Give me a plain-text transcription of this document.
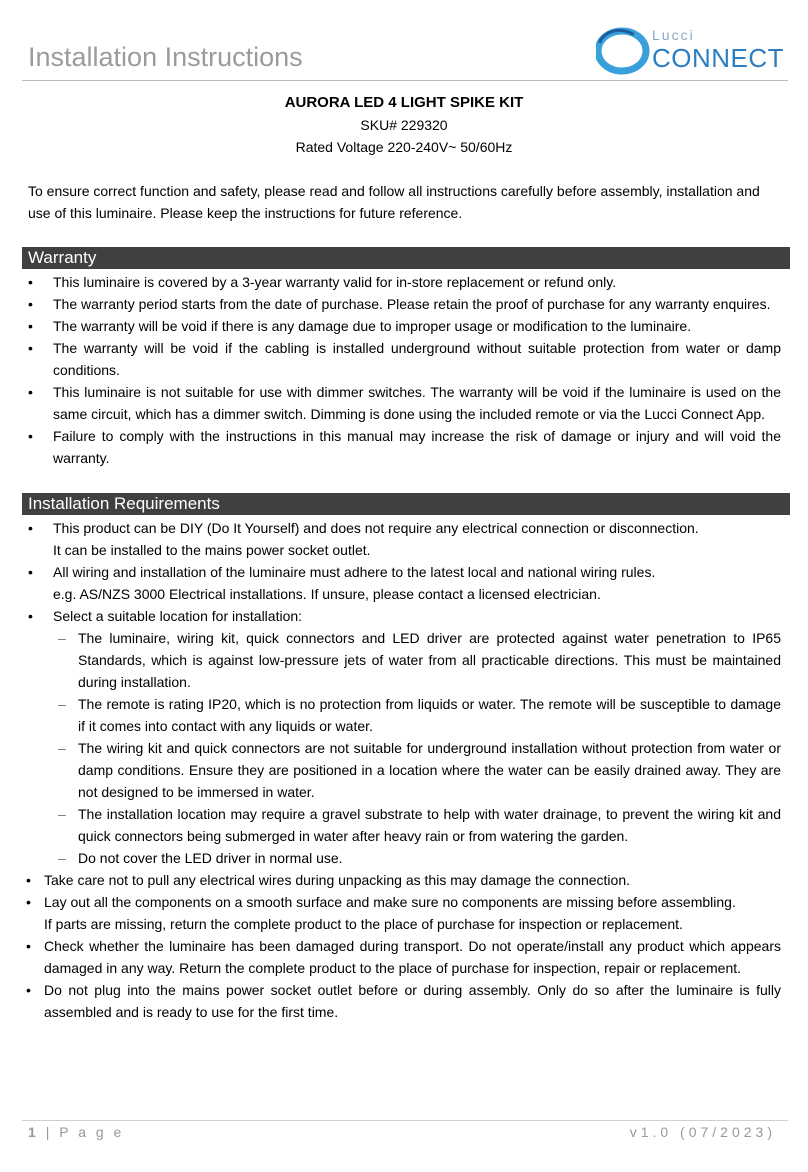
Installation Instructions
Lucci
CONNECT
AURORA LED 4 LIGHT SPIKE KIT
SKU# 229320
Rated Voltage 220-240V~ 50/60Hz
To ensure correct function and safety, please read and follow all instructions carefully before assembly, installation and use of this luminaire. Please keep the instructions for future reference.
Warranty
• This luminaire is covered by a 3-year warranty valid for in-store replacement or refund only.
• The warranty period starts from the date of purchase. Please retain the proof of purchase for any warranty enquires.
• The warranty will be void if there is any damage due to improper usage or modification to the luminaire.
• The warranty will be void if the cabling is installed underground without suitable protection from water or damp conditions.
• This luminaire is not suitable for use with dimmer switches. The warranty will be void if the luminaire is used on the same circuit, which has a dimmer switch. Dimming is done using the included remote or via the Lucci Connect App.
• Failure to comply with the instructions in this manual may increase the risk of damage or injury and will void the warranty.
Installation Requirements
• This product can be DIY (Do It Yourself) and does not require any electrical connection or disconnection.
It can be installed to the mains power socket outlet.
• All wiring and installation of the luminaire must adhere to the latest local and national wiring rules.
e.g. AS/NZS 3000 Electrical installations. If unsure, please contact a licensed electrician.
• Select a suitable location for installation:
– The luminaire, wiring kit, quick connectors and LED driver are protected against water penetration to IP65 Standards, which is against low-pressure jets of water from all practicable directions. This must be maintained during installation.
– The remote is rating IP20, which is no protection from liquids or water. The remote will be susceptible to damage if it comes into contact with any liquids or water.
– The wiring kit and quick connectors are not suitable for underground installation without protection from water or damp conditions. Ensure they are positioned in a location where the water can be easily drained away. They are not designed to be immersed in water.
– The installation location may require a gravel substrate to help with water drainage, to prevent the wiring kit and quick connectors being submerged in water after heavy rain or from watering the garden.
– Do not cover the LED driver in normal use.
• Take care not to pull any electrical wires during unpacking as this may damage the connection.
• Lay out all the components on a smooth surface and make sure no components are missing before assembling.
If parts are missing, return the complete product to the place of purchase for inspection or replacement.
• Check whether the luminaire has been damaged during transport. Do not operate/install any product which appears damaged in any way. Return the complete product to the place of purchase for inspection, repair or replacement.
• Do not plug into the mains power socket outlet before or during assembly. Only do so after the luminaire is fully assembled and is ready to use for the first time.
1 | P a g e	v1.0 (07/2023)
